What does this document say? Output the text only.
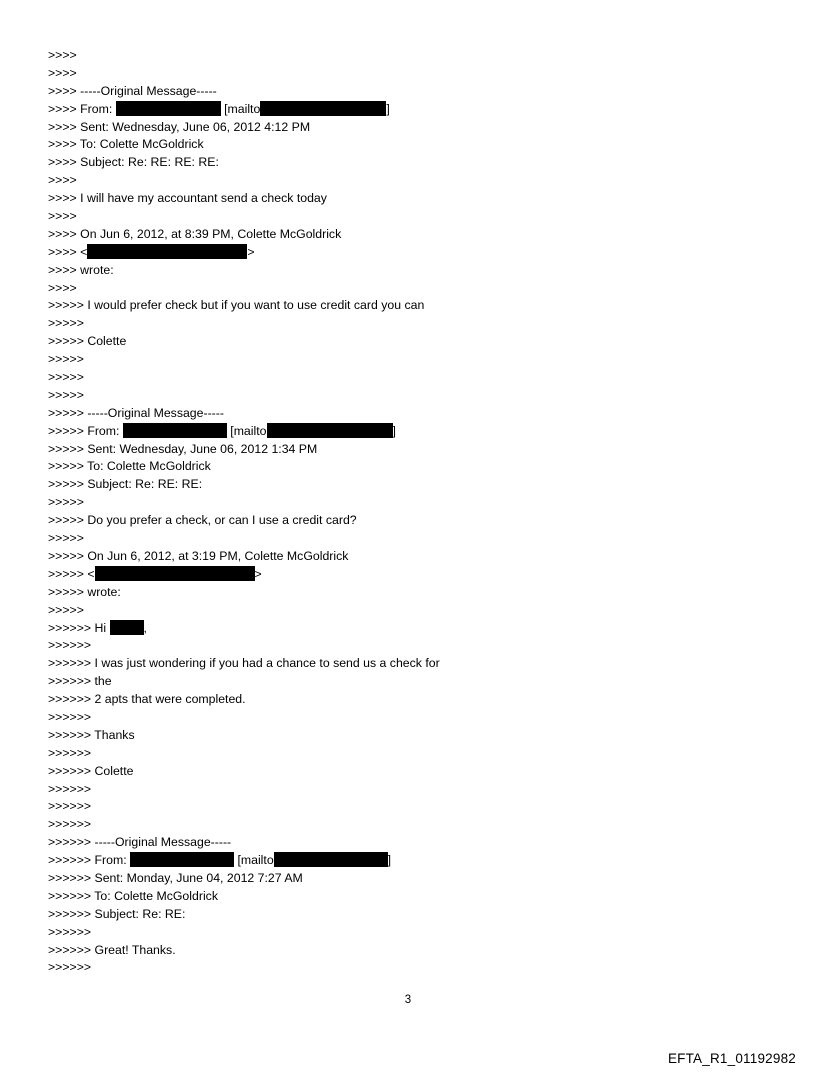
>>>>
>>>>
>>>> -----Original Message-----
>>>> From:	[mailto	]
>>>> Sent: Wednesday, June 06, 2012 4:12 PM
>>>> To: Colette McGoldrick
>>>> Subject: Re: RE: RE: RE:
>>>>
>>>> I will have my accountant send a check today
>>>>
>>>> On Jun 6, 2012, at 8:39 PM, Colette McGoldrick
>>>> <	>
>>>> wrote:
>>>>
>>>>> I would prefer check but if you want to use credit card you can
>>>>>
>>>>> Colette
>>>>>
>>>>>
>>>>>
>>>>> -----Original Message-----
>>>>> From:	[mailto	]
>>>>> Sent: Wednesday, June 06, 2012 1:34 PM
>>>>> To: Colette McGoldrick
>>>>> Subject: Re: RE: RE:
>>>>>
>>>>> Do you prefer a check, or can I use a credit card?
>>>>>
>>>>> On Jun 6, 2012, at 3:19 PM, Colette McGoldrick
>>>>> <	>
>>>>> wrote:
>>>>>
>>>>>> Hi	,
>>>>>>
>>>>>> I was just wondering if you had a chance to send us a check for
>>>>>> the
>>>>>> 2 apts that were completed.
>>>>>>
>>>>>> Thanks
>>>>>>
>>>>>> Colette
>>>>>>
>>>>>>
>>>>>>
>>>>>> -----Original Message-----
>>>>>> From:	[mailto	]
>>>>>> Sent: Monday, June 04, 2012 7:27 AM
>>>>>> To: Colette McGoldrick
>>>>>> Subject: Re: RE:
>>>>>>
>>>>>> Great! Thanks.
>>>>>>
3
EFTA_R1_01192982
